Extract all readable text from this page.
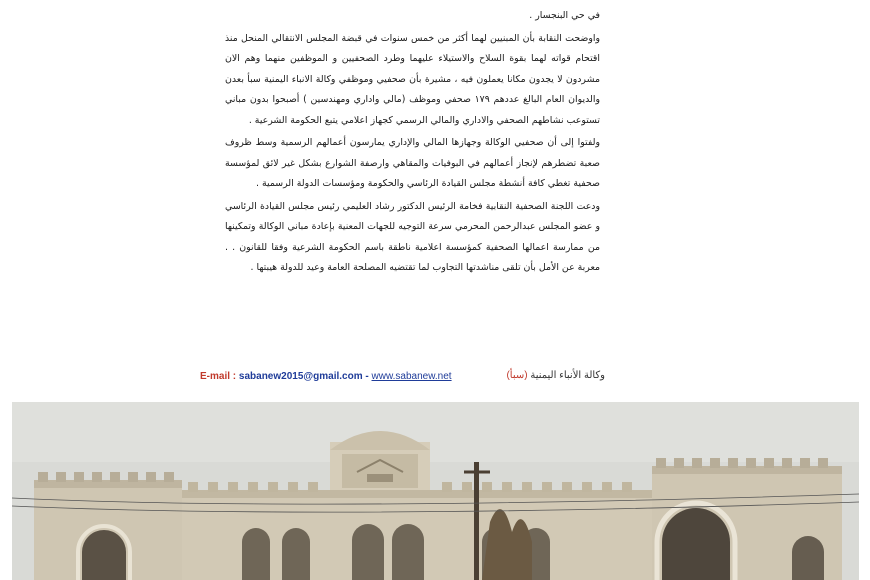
في حي البنجسار .

واوضحت النقابة بأن المبنيين لهما أكثر من خمس سنوات في قبضة المجلس الانتقالي المنحل منذ اقتحام قواته لهما بقوة السلاح والاستيلاء عليهما وطرد الصحفيين و الموظفين منهما وهم الان مشردون لا يجدون مكانا يعملون فيه ، مشيرة بأن صحفيي وموظفي وكالة الانباء اليمنية سبأ بعدن والديوان العام البالغ عددهم ١٧٩ صحفي وموظف (مالي واداري ومهندسين ) أصبحوا بدون مباني تستوعب نشاطهم الصحفي والاداري والمالي الرسمي كجهاز اعلامي يتبع الحكومة الشرعية .

ولفتوا إلى أن صحفيي الوكالة وجهازها المالي والإداري يمارسون أعمالهم الرسمية وسط ظروف صعبة تضطرهم لإنجاز أعمالهم في البوفيات والمقاهي وارصفة الشوارع بشكل غير لائق لمؤسسة صحفية تغطي كافة أنشطة مجلس القيادة الرئاسي والحكومة ومؤسسات الدولة الرسمية .

ودعت اللجنة الصحفية النقابية فخامة الرئيس الدكتور رشاد العليمي رئيس مجلس القيادة الرئاسي و عضو المجلس عبدالرحمن المحرمي سرعة التوجيه للجهات المعنية بإعادة مباني الوكالة وتمكينها من ممارسة اعمالها الصحفية كمؤسسة اعلامية ناطقة باسم الحكومة الشرعية وفقا للقانون . . معربة عن الأمل بأن تلقى مناشدتها التجاوب لما تقتضيه المصلحة العامة وعيد للدولة هيبتها .

وكالة الأنباء اليمنية (سبأ)
E-mail : sabanew2015@gmail.com - www.sabanew.net
